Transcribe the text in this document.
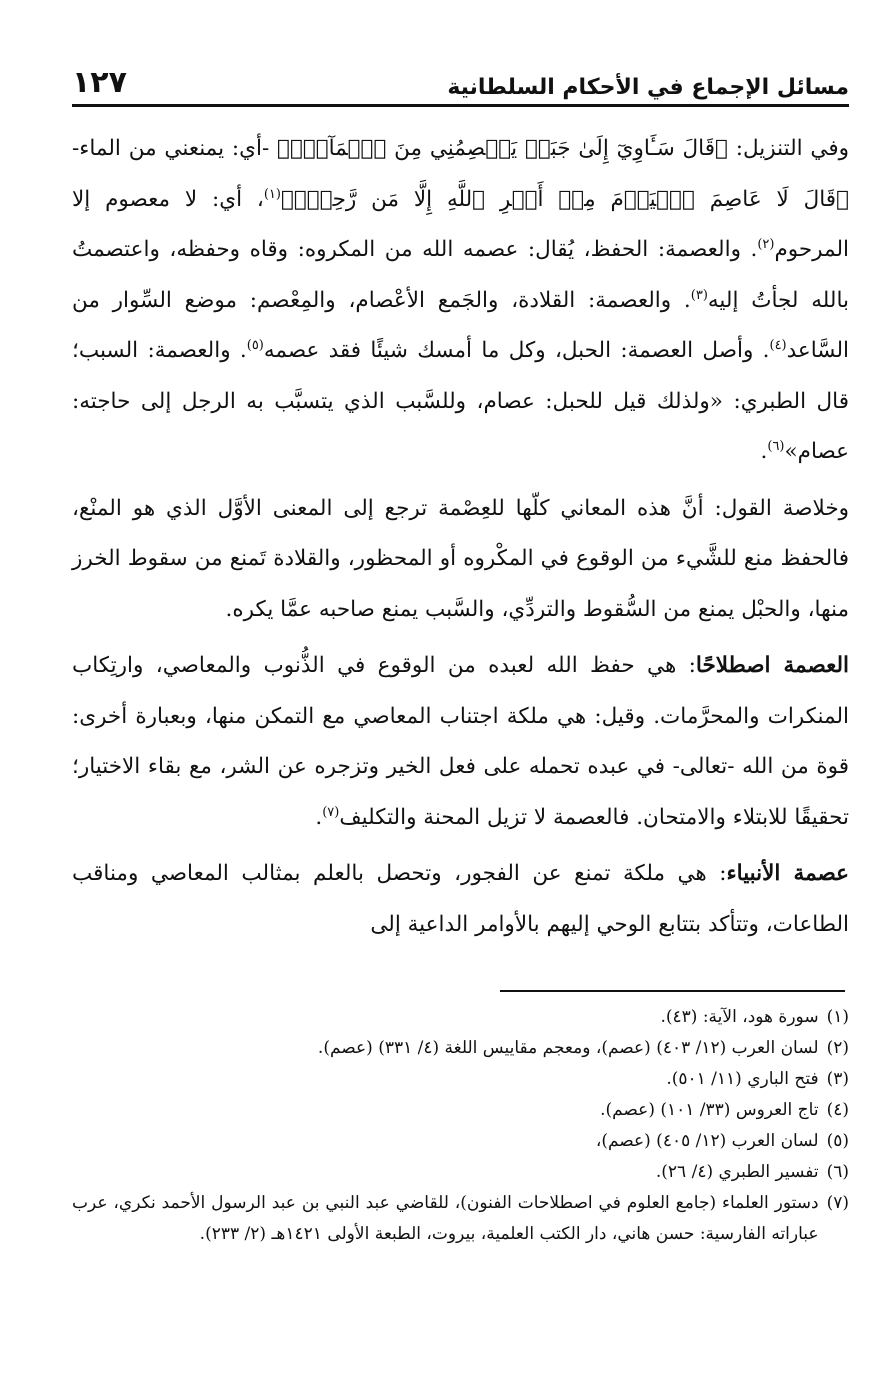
مسائل الإجماع في الأحكام السلطانية
١٢٧

وفي التنزيل: ﴿قَالَ سَـَٔاوِيٓ إِلَىٰ جَبَلٖ يَعۡصِمُنِي مِنَ ٱلۡمَآءِۚ﴾ -أي: يمنعني من الماء- ﴿قَالَ لَا عَاصِمَ ٱلۡيَوۡمَ مِنۡ أَمۡرِ ٱللَّهِ إِلَّا مَن رَّحِمَۚ﴾$^{(١)}$، أي: لا معصوم إلا المرحوم$^{(٢)}$. والعصمة: الحفظ، يُقال: عصمه الله من المكروه: وقاه وحفظه، واعتصمتُ بالله لجأتُ إليه$^{(٣)}$. والعصمة: القلادة، والجَمع الأعْصام، والمِعْصم: موضع السِّوار من السَّاعد$^{(٤)}$. وأصل العصمة: الحبل، وكل ما أمسك شيئًا فقد عصمه$^{(٥)}$. والعصمة: السبب؛ قال الطبري: «ولذلك قيل للحبل: عصام، وللسَّبب الذي يتسبَّب به الرجل إلى حاجته: عصام»$^{(٦)}$.

وخلاصة القول: أنَّ هذه المعاني كلّها للعِصْمة ترجع إلى المعنى الأوَّل الذي هو المنْع، فالحفظ منع للشَّيء من الوقوع في المكْروه أو المحظور، والقلادة تَمنع من سقوط الخرز منها، والحبْل يمنع من السُّقوط والتردِّي، والسَّبب يمنع صاحبه عمَّا يكره.

العصمة اصطلاحًا: هي حفظ الله لعبده من الوقوع في الذُّنوب والمعاصي، وارتِكاب المنكرات والمحرَّمات. وقيل: هي ملكة اجتناب المعاصي مع التمكن منها، وبعبارة أخرى: قوة من الله -تعالى- في عبده تحمله على فعل الخير وتزجره عن الشر، مع بقاء الاختيار؛ تحقيقًا للابتلاء والامتحان. فالعصمة لا تزيل المحنة والتكليف$^{(٧)}$.

عصمة الأنبياء: هي ملكة تمنع عن الفجور، وتحصل بالعلم بمثالب المعاصي ومناقب الطاعات، وتتأكد بتتابع الوحي إليهم بالأوامر الداعية إلى

(١)
سورة هود، الآية: (٤٣).
(٢)
لسان العرب (١٢/ ٤٠٣) (عصم)، ومعجم مقاييس اللغة (٤/ ٣٣١) (عصم).
(٣)
فتح الباري (١١/ ٥٠١).
(٤)
تاج العروس (٣٣/ ١٠١) (عصم).
(٥)
لسان العرب (١٢/ ٤٠٥) (عصم)،
(٦)
تفسير الطبري (٤/ ٢٦).
(٧)
دستور العلماء (جامع العلوم في اصطلاحات الفنون)، للقاضي عبد النبي بن عبد الرسول الأحمد نكري، عرب عباراته الفارسية: حسن هاني، دار الكتب العلمية، بيروت، الطبعة الأولى ١٤٢١هـ (٢/ ٢٣٣).
